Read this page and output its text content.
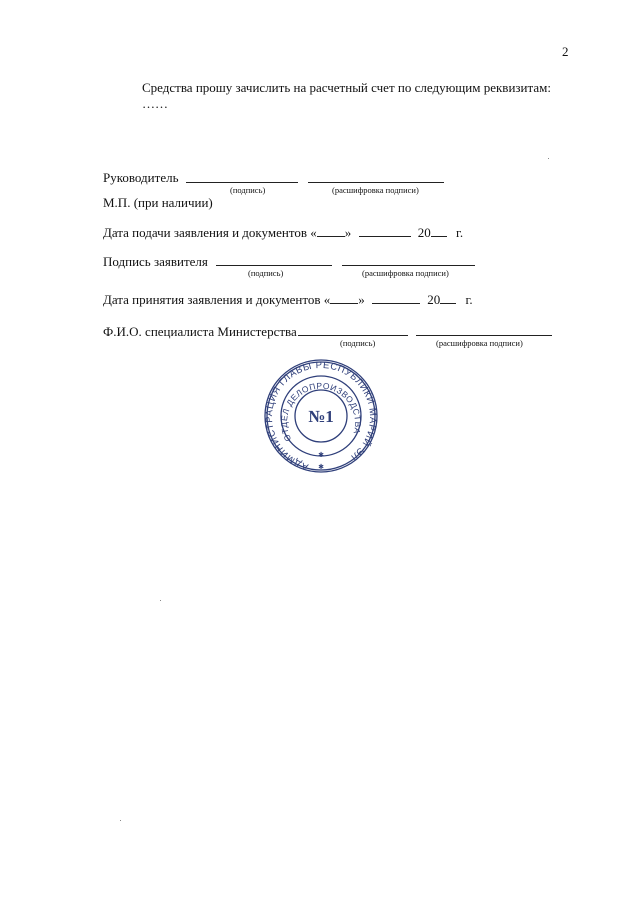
2
Средства прошу зачислить на расчетный счет по следующим реквизитам:
……
Руководитель
(подпись)	(расшифровка подписи)
М.П. (при наличии)
Дата подачи заявления и документов « »	20 г.
Подпись заявителя
(подпись)	(расшифровка подписи)
Дата принятия заявления и документов « »	20 г.
Ф.И.О. специалиста Министерства
(подпись)	(расшифровка подписи)
АДМИНИСТРАЦИЯ ГЛАВЫ РЕСПУБЛИКИ МАРИЙ ЭЛ
ОТДЕЛ ДЕЛОПРОИЗВОДСТВА
№1
✱
✱
